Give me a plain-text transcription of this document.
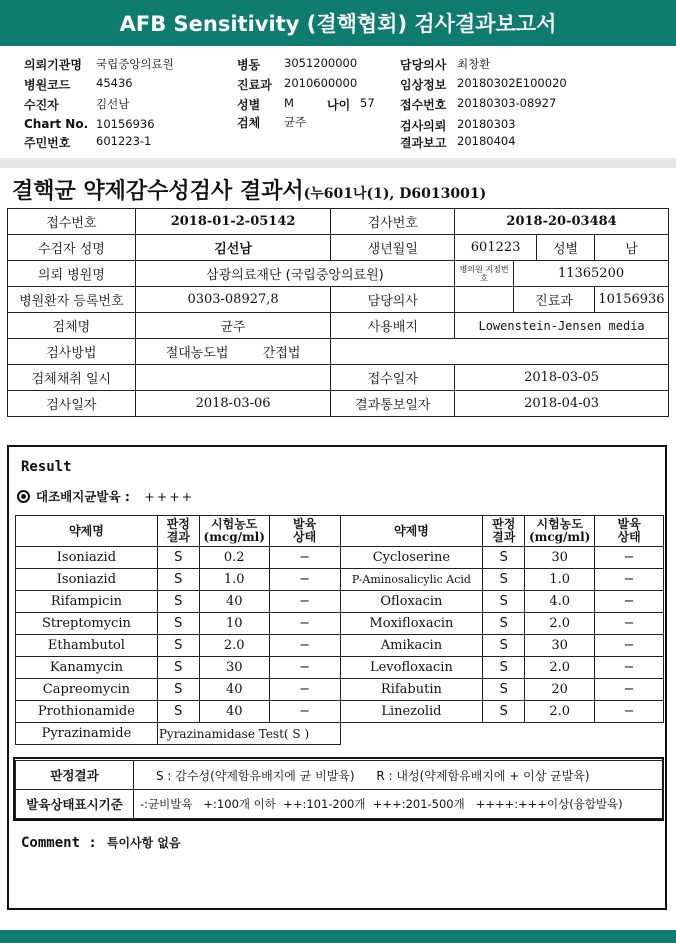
AFB Sensitivity (결핵협회) 검사결과보고서
의뢰기관명 국립중앙의료원
병원코드 45436
수진자	김선남
Chart No. 10156936
주민번호 601223-1
병동 3051200000
진료과 2010600000
성별 M	나이 57
검체 균주
담당의사 최창환
임상정보 20180302E100020
접수번호 20180303-08927
검사의뢰 20180303
결과보고 20180404
결핵균 약제감수성검사 결과서(누601나(1), D6013001)
접수번호	2018-01-2-05142	검사번호	2018-20-03484			
수검자 성명	김선남	생년월일	601223		성별	남
의뢰 병원명	삼광의료재단 (국립중앙의료원)		병의원 지정번호	11365200		
병원환자 등록번호	0303-08927,8	담당의사		진료과		10156936
검체명	균주	사용배지	Lowenstein-Jensen media			
검사방법	절대농도법 간접법					
검체채취 일시		접수일자	2018-03-05			
검사일자	2018-03-06	결과통보일자	2018-04-03			
Result
대조배지균발육 : ++++
약제명	판정
결과	시험농도
(mcg/ml)	발육
상태	약제명	판정
결과	시험농도
(mcg/ml)	발육
상태
Isoniazid	S	0.2	−	Cycloserine	S	30	−
Isoniazid	S	1.0	−	P-Aminosalicylic Acid	S	1.0	−
Rifampicin	S	40	−	Ofloxacin	S	4.0	−
Streptomycin	S	10	−	Moxifloxacin	S	2.0	−
Ethambutol	S	2.0	−	Amikacin	S	30	−
Kanamycin	S	30	−	Levofloxacin	S	2.0	−
Capreomycin	S	40	−	Rifabutin	S	20	−
Prothionamide	S	40	−	Linezolid	S	2.0	−
Pyrazinamide	Pyrazinamidase Test( S )						
판정결과	S : 감수성(약제함유배지에 균 비발육) R : 내성(약제함유배지에 + 이상 균발육)
발육상태표시기준	-:균비발육   +:100개 이하  ++:101-200개  +++:201-500개   ++++:+++이상(융합발육)
Comment : 특이사항 없음
